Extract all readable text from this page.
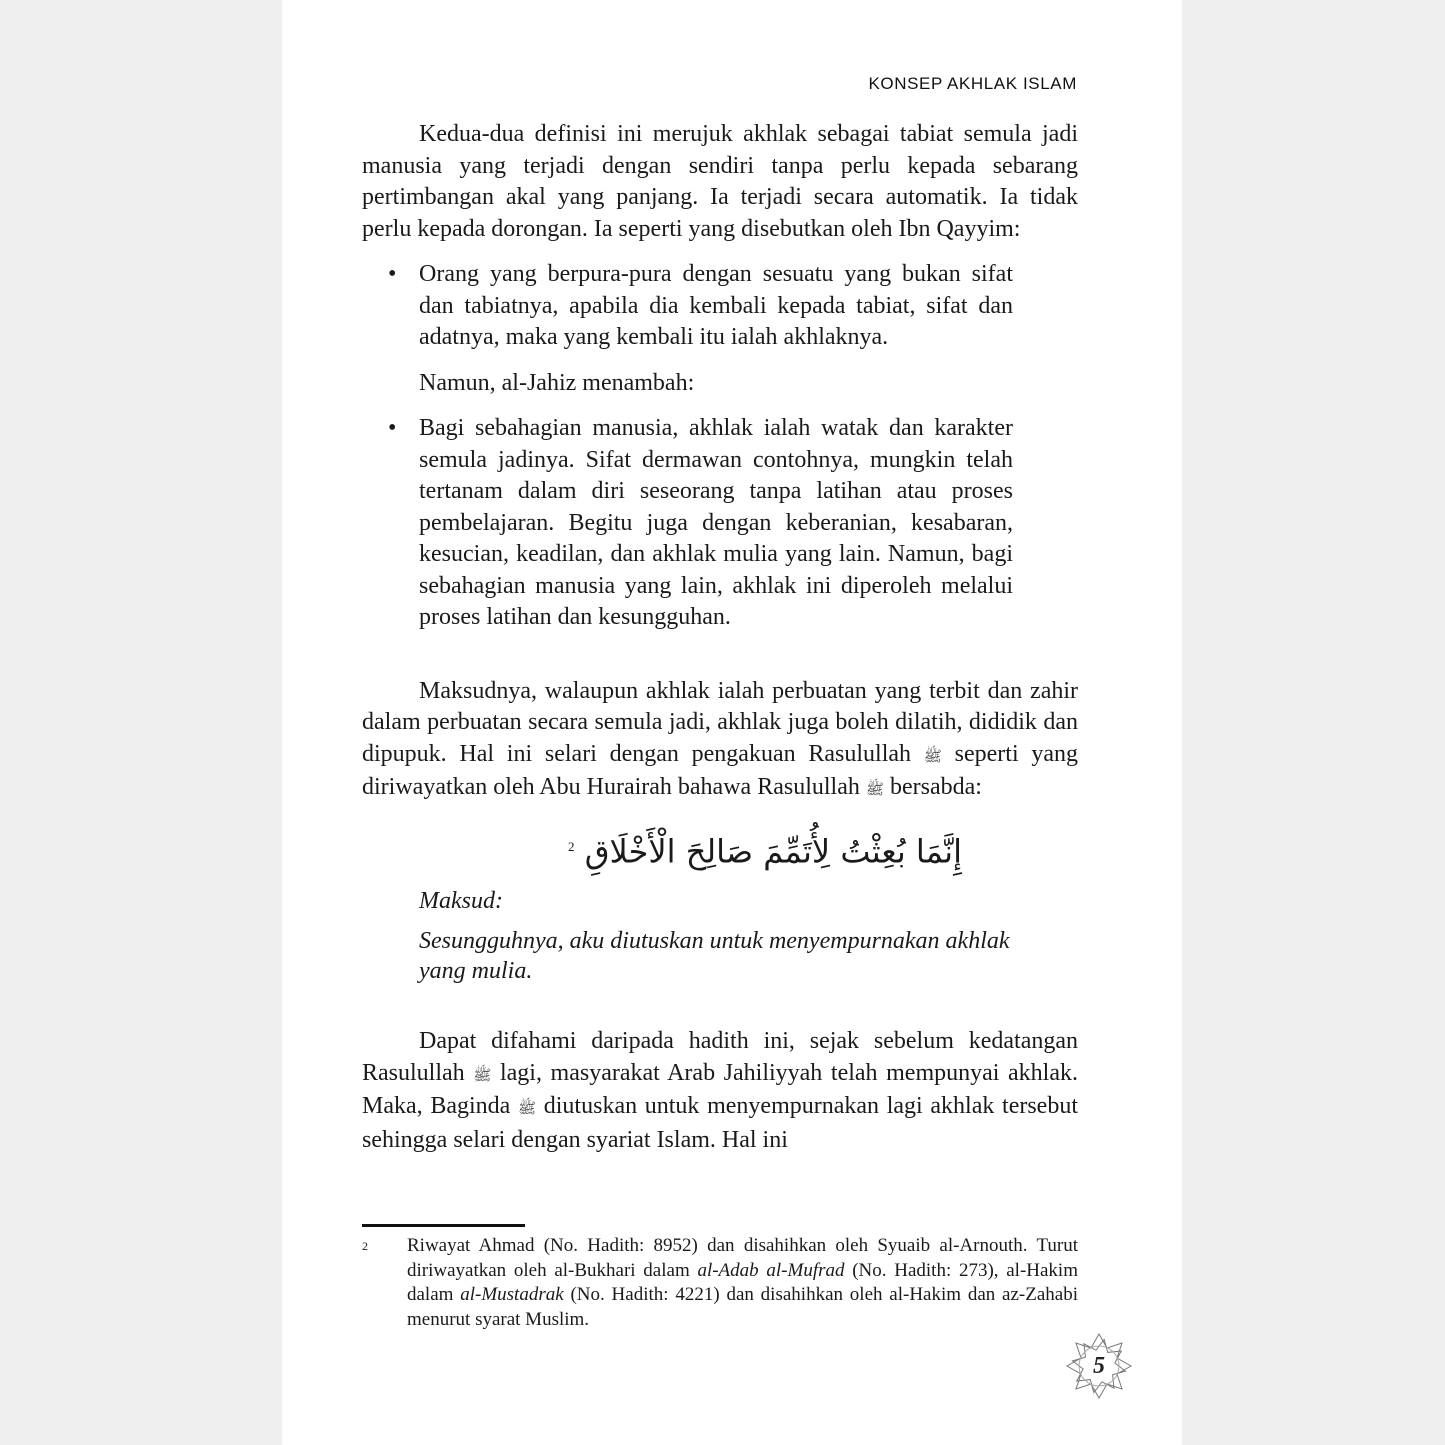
KONSEP AKHLAK ISLAM

Kedua-dua definisi ini merujuk akhlak sebagai tabiat semula jadi manusia yang terjadi dengan sendiri tanpa perlu kepada sebarang pertimbangan akal yang panjang. Ia terjadi secara automatik. Ia tidak perlu kepada dorongan. Ia seperti yang disebutkan oleh Ibn Qayyim:

• Orang yang berpura-pura dengan sesuatu yang bukan sifat dan tabiatnya, apabila dia kembali kepada tabiat, sifat dan adatnya, maka yang kembali itu ialah akhlaknya.

Namun, al-Jahiz menambah:

• Bagi sebahagian manusia, akhlak ialah watak dan karakter semula jadinya. Sifat dermawan contohnya, mungkin telah tertanam dalam diri seseorang tanpa latihan atau proses pembelajaran. Begitu juga dengan keberanian, kesabaran, kesucian, keadilan, dan akhlak mulia yang lain. Namun, bagi sebahagian manusia yang lain, akhlak ini diperoleh melalui proses latihan dan kesungguhan.

Maksudnya, walaupun akhlak ialah perbuatan yang terbit dan zahir dalam perbuatan secara semula jadi, akhlak juga boleh dilatih, dididik dan dipupuk. Hal ini selari dengan pengakuan Rasulullah ﷺ seperti yang diriwayatkan oleh Abu Hurairah bahawa Rasulullah ﷺ bersabda:

إِنَّمَا بُعِثْتُ لِأُتَمِّمَ صَالِحَ الْأَخْلَاقِ $^2$
Maksud:
Sesungguhnya, aku diutuskan untuk menyempurnakan akhlak yang mulia.

Dapat difahami daripada hadith ini, sejak sebelum kedatangan Rasulullah ﷺ lagi, masyarakat Arab Jahiliyyah telah mempunyai akhlak. Maka, Baginda ﷺ diutuskan untuk menyempurnakan lagi akhlak tersebut sehingga selari dengan syariat Islam. Hal ini

2 Riwayat Ahmad (No. Hadith: 8952) dan disahihkan oleh Syuaib al-Arnouth. Turut diriwayatkan oleh al-Bukhari dalam al-Adab al-Mufrad (No. Hadith: 273), al-Hakim dalam al-Mustadrak (No. Hadith: 4221) dan disahihkan oleh al-Hakim dan az-Zahabi menurut syarat Muslim.
5
